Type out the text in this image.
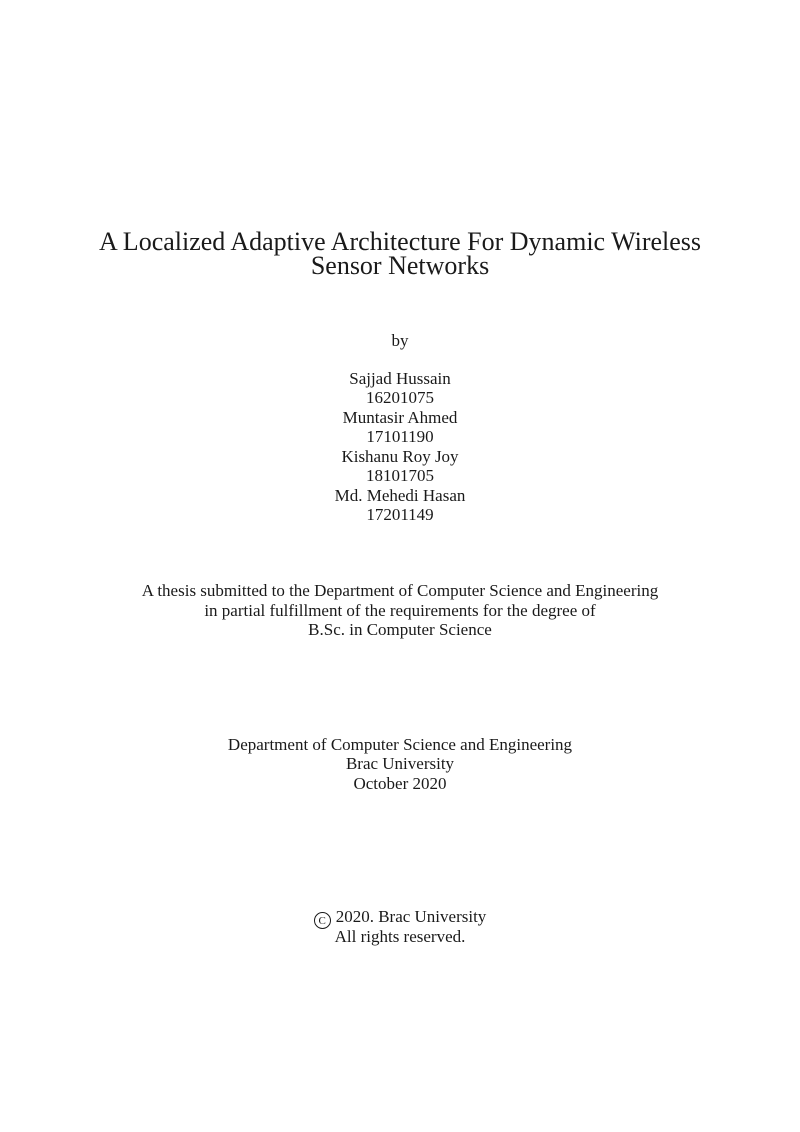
A Localized Adaptive Architecture For Dynamic Wireless
Sensor Networks
by
Sajjad Hussain
16201075
Muntasir Ahmed
17101190
Kishanu Roy Joy
18101705
Md. Mehedi Hasan
17201149
A thesis submitted to the Department of Computer Science and Engineering
in partial fulfillment of the requirements for the degree of
B.Sc. in Computer Science
Department of Computer Science and Engineering
Brac University
October 2020
C 2020. Brac University
All rights reserved.
